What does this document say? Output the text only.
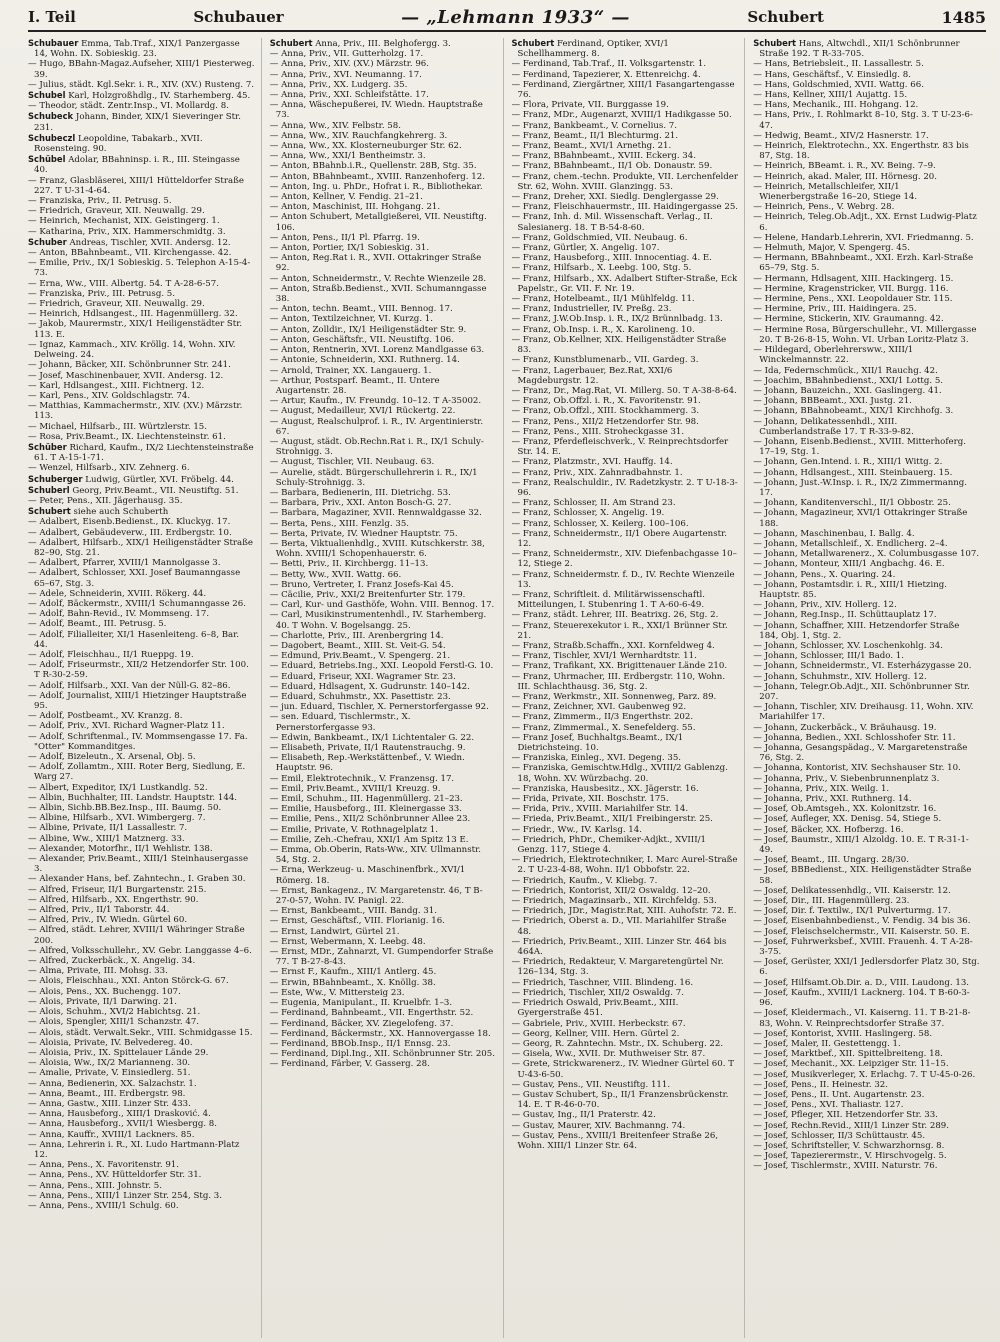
I. Teil	Schubauer	— „Lehmann 1933“ —	Schubert	1485

Schubauer Emma, Tab.Traf., XIX/1 Panzergasse 14, Wohn. IX. Sobieskig. 23.

— Hugo, BBahn-Magaz.Aufseher, XIII/1 Piesterweg. 39.

— Julius, städt. Kgl.Sekr. i. R., XIV. (XV.) Rusteng. 7.

Schubel Karl, Holzgroßhdlg., IV. Starhemberg. 45.

— Theodor, städt. Zentr.Insp., VI. Mollardg. 8.

Schubeck Johann, Binder, XIX/1 Sieveringer Str. 231.

Schubeczl Leopoldine, Tabakarb., XVII. Rosensteing. 90.

Schübel Adolar, BBahninsp. i. R., III. Steingasse 40.

— Franz, Glasbläserei, XIII/1 Hütteldorfer Straße 227. T U-31-4-64.

— Franziska, Priv., II. Petrusg. 5.

— Friedrich, Graveur, XII. Neuwallg. 29.

— Heinrich, Mechanist, XIX. Geistingerg. 1.

— Katharina, Priv., XIX. Hammerschmidtg. 3.

Schuber Andreas, Tischler, XVII. Andersg. 12.

— Anton, BBahnbeamt., VII. Kirchengasse. 42.

— Emilie, Priv., IX/1 Sobieskig. 5. Telephon A-15-4-73.

— Erna, Ww., VIII. Albertg. 54. T A-28-6-57.

— Franziska, Priv., III. Petrusg. 5.

— Friedrich, Graveur, XII. Neuwallg. 29.

— Heinrich, Hdlsangest., III. Hagenmüllerg. 32.

— Jakob, Maurermstr., XIX/1 Heiligenstädter Str. 113. E.

— Ignaz, Kammach., XIV. Kröllg. 14, Wohn. XIV. Delweing. 24.

— Johann, Bäcker, XII. Schönbrunner Str. 241.

— Josef, Maschinenbauer, XVII. Andersg. 12.

— Karl, Hdlsangest., XIII. Fichtnerg. 12.

— Karl, Pens., XIV. Goldschlagstr. 74.

— Matthias, Kammachermstr., XIV. (XV.) Märzstr. 113.

— Michael, Hilfsarb., III. Würtzlerstr. 15.

— Rosa, Priv.Beamt., IX. Liechtensteinstr. 61.

Schüber Richard, Kaufm., IX/2 Liechtensteinstraße 61. T A-15-1-71.

— Wenzel, Hilfsarb., XIV. Zehnerg. 6.

Schuberger Ludwig, Gürtler, XVI. Fröbelg. 44.

Schuberl Georg, Priv.Beamt., VII. Neustiftg. 51.

— Peter, Pens., XII. Jägerhausg. 35.

Schubert siehe auch Schuberth

— Adalbert, Eisenb.Bedienst., IX. Kluckyg. 17.

— Adalbert, Gebäudeverw., III. Erdbergstr. 10.

— Adalbert, Hilfsarb., XIX/1 Heiligenstädter Straße 82–90, Stg. 21.

— Adalbert, Pfarrer, XVIII/1 Mannolgasse 3.

— Adalbert, Schlosser, XXI. Josef Baumanngasse 65–67, Stg. 3.

— Adele, Schneiderin, XVIII. Rökerg. 44.

— Adolf, Bäckermstr., XVIII/1 Schumanngasse 26.

— Adolf, Bahn-Revid., IV. Mommseng. 17.

— Adolf, Beamt., III. Petrusg. 5.

— Adolf, Filialleiter, XI/1 Hasenleiteng. 6–8, Bar. 44.

— Adolf, Fleischhau., II/1 Rueppg. 19.

— Adolf, Friseurmstr., XII/2 Hetzendorfer Str. 100. T R-30-2-59.

— Adolf, Hilfsarb., XXI. Van der Nüll-G. 82–86.

— Adolf, Journalist, XIII/1 Hietzinger Hauptstraße 95.

— Adolf, Postbeamt., XV. Kranzg. 8.

— Adolf, Priv., XVI. Richard Wagner-Platz 11.

— Adolf, Schriftenmal., IV. Mommsengasse 17. Fa. "Otter" Kommanditges.

— Adolf, Bizeleutn., X. Arsenal, Obj. 5.

— Adolf, Zollamtm., XIII. Roter Berg, Siedlung, E. Warg 27.

— Albert, Expeditor, IX/1 Lustkandlg. 52.

— Albin, Buchhalter, III. Landstr. Hauptstr. 144.

— Albin, Sichb.BB.Bez.Insp., III. Baumg. 50.

— Albine, Hilfsarb., XVI. Wimbergerg. 7.

— Albine, Private, II/1 Lassallestr. 7.

— Albine, Ww., XIII/1 Matznerg. 33.

— Alexander, Motorfhr., II/1 Wehlistr. 138.

— Alexander, Priv.Beamt., XIII/1 Steinhausergasse 3.

— Alexander Hans, bef. Zahntechn., I. Graben 30.

— Alfred, Friseur, II/1 Burgartenstr. 215.

— Alfred, Hilfsarb., XX. Engerthstr. 90.

— Alfred, Priv., II/1 Taborstr. 44.

— Alfred, Priv., IV. Wiedn. Gürtel 60.

— Alfred, städt. Lehrer, XVIII/1 Währinger Straße 200.

— Alfred, Volksschullehr., XV. Gebr. Langgasse 4–6.

— Alfred, Zuckerbäck., X. Angelig. 34.

— Alma, Private, III. Mohsg. 33.

— Alois, Fleischhau., XXI. Anton Störck-G. 67.

— Alois, Pens., XX. Buchengg. 107.

— Alois, Private, II/1 Darwing. 21.

— Alois, Schuhm., XVI/2 Habichtsg. 21.

— Alois, Spengler, XIII/1 Schanzstr. 47.

— Alois, städt. Verwalt.Sekr., VIII. Schmidgasse 15.

— Aloisia, Private, IV. Belvedereg. 40.

— Aloisia, Priv., IX. Spittelauer Lände 29.

— Aloisia, Ww., IX/2 Marianneng. 30.

— Amalie, Private, V. Einsiedlerg. 51.

— Anna, Bedienerin, XX. Salzachstr. 1.

— Anna, Beamt., III. Erdbergstr. 98.

— Anna, Gastw., XIII. Linzer Str. 433.

— Anna, Hausbeforg., XIII/1 Drasković. 4.

— Anna, Hausbeforg., XVII/1 Wiesbergg. 8.

— Anna, Kauffr., XVIII/1 Lackners. 85.

— Anna, Lehrerin i. R., XI. Ludo Hartmann-Platz 12.

— Anna, Pens., X. Favoritenstr. 91.

— Anna, Pens., XV. Hütteldorfer Str. 31.

— Anna, Pens., XIII. Johnstr. 5.

— Anna, Pens., XIII/1 Linzer Str. 254, Stg. 3.

— Anna, Pens., XVIII/1 Schulg. 60.

Schubert Anna, Priv., III. Belghofergg. 3.

— Anna, Priv., VII. Gutterholzg. 17.

— Anna, Priv., XIV. (XV.) Märzstr. 96.

— Anna, Priv., XVI. Neumanng. 17.

— Anna, Priv., XX. Ludgerg. 35.

— Anna, Priv., XXI. Schleifstätte. 17.

— Anna, Wäschepußerei, IV. Wiedn. Hauptstraße 73.

— Anna, Ww., XIV. Felbstr. 58.

— Anna, Ww., XIV. Rauchfangkehrerg. 3.

— Anna, Ww., XX. Klosterneuburger Str. 62.

— Anna, Ww., XXI/1 Bentheimstr. 3.

— Anton, BBahnb.i.R., Quellenstr. 28B, Stg. 35.

— Anton, BBahnbeamt., XVIII. Ranzenhoferg. 12.

— Anton, Ing. u. PhDr., Hofrat i. R., Bibliothekar.

— Anton, Kellner, V. Fendig. 21–21.

— Anton, Maschinist, III. Hohgang. 21.

— Anton Schubert, Metallgießerei, VII. Neustiftg. 106.

— Anton, Pens., II/1 Pl. Pfarrg. 19.

— Anton, Portier, IX/1 Sobieskig. 31.

— Anton, Reg.Rat i. R., XVII. Ottakringer Straße 92.

— Anton, Schneidermstr., V. Rechte Wienzeile 28.

— Anton, Straßb.Bedienst., XVII. Schumanngasse 38.

— Anton, techn. Beamt., VIII. Bennog. 17.

— Anton, Textilzeichner, VI. Kurzg. 1.

— Anton, Zolldir., IX/1 Heiligenstädter Str. 9.

— Anton, Geschäftsfr., VII. Neustiftg. 106.

— Anton, Rentnerin, XVI. Lorenz Mandlgasse 63.

— Antonie, Schneiderin, XXI. Ruthnerg. 14.

— Arnold, Trainer, XX. Langauerg. 1.

— Arthur, Postsparf. Beamt., II. Untere Augartenstr. 28.

— Artur, Kaufm., IV. Freundg. 10–12. T A-35002.

— August, Medailleur, XVI/1 Rückertg. 22.

— August, Realschulprof. i. R., IV. Argentinierstr. 67.

— August, städt. Ob.Rechn.Rat i. R., IX/1 Schuly-Strohnigg. 3.

— August, Tischler, VII. Neubaug. 63.

— Aurelie, städt. Bürgerschullehrerin i. R., IX/1 Schuly-Strohnigg. 3.

— Barbara, Bedienerin, III. Dietrichg. 53.

— Barbara, Priv., XXI. Anton Bosch-G. 27.

— Barbara, Magaziner, XVII. Rennwaldgasse 32.

— Berta, Pens., XIII. Fenzlg. 35.

— Berta, Private, IV. Wiedner Hauptstr. 75.

— Berta, Viktualienhdlg., XVIII. Kutschkerstr. 38, Wohn. XVIII/1 Schopenhauerstr. 6.

— Betti, Priv., II. Kirchbergg. 11–13.

— Betty, Ww., XVII. Wattg. 66.

— Bruno, Vertreter, I. Franz Josefs-Kai 45.

— Cäcilie, Priv., XXI/2 Breitenfurter Str. 179.

— Carl, Kur- und Gasthöfe, Wohn. VIII. Bennog. 17.

— Carl, Musikinstrumentenhdl., IV. Starhemberg. 40. T Wohn. V. Bogelsangg. 25.

— Charlotte, Priv., III. Arenbergring 14.

— Dagobert, Beamt., XIII. St. Veit-G. 54.

— Edmund, Priv.Beamt., V. Spengerg. 21.

— Eduard, Betriebs.Ing., XXI. Leopold Ferstl-G. 10.

— Eduard, Friseur, XXI. Wagramer Str. 23.

— Eduard, Hdlsagent, X. Gudrunstr. 140–142.

— Eduard, Schuhmstr., XX. Pasettistr. 23.

— jun. Eduard, Tischler, X. Pernerstorfergasse 92.

— sen. Eduard, Tischlermstr., X. Pernerstorfergasse 93.

— Edwin, Bankbeamt., IX/1 Lichtentaler G. 22.

— Elisabeth, Private, II/1 Rautenstrauchg. 9.

— Elisabeth, Rep.-Werkstättenbef., V. Wiedn. Hauptstr. 96.

— Emil, Elektrotechnik., V. Franzensg. 17.

— Emil, Priv.Beamt., XVIII/1 Kreuzg. 9.

— Emil, Schuhm., III. Hagenmüllerg. 21–23.

— Emilie, Hausbeforg., III. Kleinergasse 33.

— Emilie, Pens., XII/2 Schönbrunner Allee 23.

— Emilie, Private, V. Rothnagelplatz 1.

— Emilie, Zeh.-Chefrau, XXI/1 Am Spitz 13 E.

— Emma, Ob.Oberin, Rats-Ww., XIV. Ullmannstr. 54, Stg. 2.

— Erna, Werkzeug- u. Maschinenfbrk., XVI/1 Römerg. 18.

— Ernst, Bankagenz., IV. Margaretenstr. 46, T B-27-0-57, Wohn. IV. Panigl. 22.

— Ernst, Bankbeamt., VIII. Bandg. 31.

— Ernst, Geschäftsf., VIII. Florianig. 16.

— Ernst, Landwirt, Gürtel 21.

— Ernst, Webermann, X. Leebg. 48.

— Ernst, MDr., Zahnarzt, VI. Gumpendorfer Straße 77. T B-27-8-43.

— Ernst F., Kaufm., XIII/1 Antlerg. 45.

— Erwin, BBahnbeamt., X. Knöllg. 38.

— Este, Ww., V. Mittersteig 23.

— Eugenia, Manipulant., II. Kruelbfr. 1–3.

— Ferdinand, Bahnbeamt., VII. Engerthstr. 52.

— Ferdinand, Bäcker, XV. Ziegelofeng. 37.

— Ferdinand, Bäckermstr., XX. Hannovergasse 18.

— Ferdinand, BBOb.Insp., II/1 Ennsg. 23.

— Ferdinand, Dipl.Ing., XII. Schönbrunner Str. 205.

— Ferdinand, Färber, V. Gasserg. 28.

Schubert Ferdinand, Optiker, XVI/1 Schellhammerg. 8.

— Ferdinand, Tab.Traf., II. Volksgartenstr. 1.

— Ferdinand, Tapezierer, X. Ettenreichg. 4.

— Ferdinand, Ziergärtner, XIII/1 Fasangartengasse 76.

— Flora, Private, VII. Burggasse 19.

— Franz, MDr., Augenarzt, XVIII/1 Hadikgasse 50.

— Franz, Bankbeamt., V. Cornelius. 7.

— Franz, Beamt., II/1 Blechturmg. 21.

— Franz, Beamt., XVI/1 Arnethg. 21.

— Franz, BBahnbeamt., XVIII. Eckerg. 34.

— Franz, BBahnbeamt., II/1 Ob. Donaustr. 59.

— Franz, chem.-techn. Produkte, VII. Lerchenfelder Str. 62, Wohn. XVIII. Glanzingg. 53.

— Franz, Dreher, XXI. Siedlg. Denglergasse 29.

— Franz, Fleischhauermstr., III. Haidingergasse 25.

— Franz, Inh. d. Mil. Wissenschaft. Verlag., II. Salesianerg. 18. T B-54-8-60.

— Franz, Goldschmied, VII. Neubaug. 6.

— Franz, Gürtler, X. Angelig. 107.

— Franz, Hausbeforg., XIII. Innocentiag. 4. E.

— Franz, Hilfsarb., X. Leebg. 100, Stg. 5.

— Franz, Hilfsarb., XX. Adalbert Stifter-Straße, Eck Papelstr., Gr. VII. F. Nr. 19.

— Franz, Hotelbeamt., II/1 Mühlfeldg. 11.

— Franz, Industrieller, IV. Preßg. 23.

— Franz, J.W.Ob.Insp. i. R., IX/2 Brünnlbadg. 13.

— Franz, Ob.Insp. i. R., X. Karolineng. 10.

— Franz, Ob.Kellner, XIX. Heiligenstädter Straße 83.

— Franz, Kunstblumenarb., VII. Gardeg. 3.

— Franz, Lagerbauer, Bez.Rat, XXI/6 Magdeburgstr. 12.

— Franz, Dr., Mag.Rat, VI. Millerg. 50. T A-38-8-64.

— Franz, Ob.Offzl. i. R., X. Favoritenstr. 91.

— Franz, Ob.Offzl., XIII. Stockhammerg. 3.

— Franz, Pens., XII/2 Hetzendorfer Str. 98.

— Franz, Pens., XIII. Stroheckgasse 31.

— Franz, Pferdefleischverk., V. Reinprechtsdorfer Str. 14. E.

— Franz, Platzmstr., XVI. Hauffg. 14.

— Franz, Priv., XIX. Zahnradbahnstr. 1.

— Franz, Realschuldir., IV. Radetzkystr. 2. T U-18-3-96.

— Franz, Schlosser, II. Am Strand 23.

— Franz, Schlosser, X. Angelig. 19.

— Franz, Schlosser, X. Keilerg. 100–106.

— Franz, Schneidermstr., II/1 Obere Augartenstr. 12.

— Franz, Schneidermstr., XIV. Diefenbachgasse 10–12, Stiege 2.

— Franz, Schneidermstr. f. D., IV. Rechte Wienzeile 13.

— Franz, Schriftleit. d. Militärwissenschaftl. Mitteilungen, I. Stubenring 1. T A-60-6-49.

— Franz, städt. Lehrer, III. Beatrixg. 26, Stg. 2.

— Franz, Steuerexekutor i. R., XXI/1 Brünner Str. 21.

— Franz, Straßb.Schaffn., XXI. Kornfeldweg 4.

— Franz, Tischler, XVI/1 Wernhardtstr. 11.

— Franz, Trafikant, XX. Brigittenauer Lände 210.

— Franz, Uhrmacher, III. Erdbergstr. 110, Wohn. III. Schlachthausg. 36, Stg. 2.

— Franz, Werkmstr., XII. Sonnenweg, Parz. 89.

— Franz, Zeichner, XVI. Gaubenweg 92.

— Franz, Zimmerm., II/3 Engerthstr. 202.

— Franz, Zimmermal., X. Senefelderg. 55.

— Franz Josef, Buchhaltgs.Beamt., IX/1 Dietrichsteing. 10.

— Franziska, Einleg., XVI. Degeng. 35.

— Franziska, Gemischtw.Hdlg., XVIII/2 Gablenzg. 18, Wohn. XV. Würzbachg. 20.

— Franziska, Hausbesitz., XX. Jägerstr. 16.

— Frida, Private, XII. Boschstr. 175.

— Frida, Priv., XVIII. Mariahilfer Str. 14.

— Frieda, Priv.Beamt., XII/1 Freibingerstr. 25.

— Friedr., Ww., IV. Karlsg. 14.

— Friedrich, PhDr., Chemiker-Adjkt., XVIII/1 Genzg. 117, Stiege 4.

— Friedrich, Elektrotechniker, I. Marc Aurel-Straße 2. T U-23-4-88, Wohn. II/1 Obbofstr. 22.

— Friedrich, Kaufm., V. Kliebg. 7.

— Friedrich, Kontorist, XII/2 Oswaldg. 12–20.

— Friedrich, Magazinsarb., XII. Kirchfeldg. 53.

— Friedrich, JDr., Magistr.Rat, XIII. Auhofstr. 72. E.

— Friedrich, Oberst a. D., VII. Mariahilfer Straße 48.

— Friedrich, Priv.Beamt., XIII. Linzer Str. 464 bis 464A.

— Friedrich, Redakteur, V. Margaretengürtel Nr. 126–134, Stg. 3.

— Friedrich, Taschner, VIII. Blindeng. 16.

— Friedrich, Tischler, XII/2 Oswaldg. 7.

— Friedrich Oswald, Priv.Beamt., XIII. Gyergerstraße 451.

— Gabriele, Priv., XVIII. Herbeckstr. 67.

— Georg, Kellner, VIII. Hern. Gürtel 2.

— Georg, R. Zahntechn. Mstr., IX. Schuberg. 22.

— Gisela, Ww., XVII. Dr. Muthweiser Str. 87.

— Grete, Strickwarenerz., IV. Wiedner Gürtel 60. T U-43-6-50.

— Gustav, Pens., VII. Neustiftg. 111.

— Gustav Schubert, Sp., II/1 Franzensbrückenstr. 14. E. T R-46-0-70.

— Gustav, Ing., II/1 Praterstr. 42.

— Gustav, Maurer, XIV. Bachmanng. 74.

— Gustav, Pens., XVIII/1 Breitenfeer Straße 26, Wohn. XIII/1 Linzer Str. 64.

Schubert Hans, Altwchdl., XII/1 Schönbrunner Straße 192. T R-33-705.

— Hans, Betriebsleit., II. Lassallestr. 5.

— Hans, Geschäftsf., V. Einsiedlg. 8.

— Hans, Goldschmied, XVII. Wattg. 66.

— Hans, Kellner, XIII/1 Aujattg. 15.

— Hans, Mechanik., III. Hohgang. 12.

— Hans, Priv., I. Rohlmarkt 8–10, Stg. 3. T U-23-6-47.

— Hedwig, Beamt., XIV/2 Hasnerstr. 17.

— Heinrich, Elektrotechn., XX. Engerthstr. 83 bis 87, Stg. 18.

— Heinrich, BBeamt. i. R., XV. Being. 7–9.

— Heinrich, akad. Maler, III. Hörnesg. 20.

— Heinrich, Metallschleifer, XII/1 Wienerbergstraße 16–20, Stiege 14.

— Heinrich, Pens., V. Webrg. 28.

— Heinrich, Teleg.Ob.Adjt., XX. Ernst Ludwig-Platz 6.

— Helene, Handarb.Lehrerin, XVI. Friedmanng. 5.

— Helmuth, Major, V. Spengerg. 45.

— Hermann, BBahnbeamt., XXI. Erzh. Karl-Straße 65–79, Stg. 5.

— Hermann, Hdlsagent, XIII. Hackingerg. 15.

— Hermine, Kragenstricker, VII. Burgg. 116.

— Hermine, Pens., XXI. Leopoldauer Str. 115.

— Hermine, Priv., III. Haidingera. 25.

— Hermine, Stickerin, XIV. Graumanng. 42.

— Hermine Rosa, Bürgerschullehr., VI. Millergasse 20. T B-26-8-15, Wohn. VI. Urban Loritz-Platz 3.

— Hildegard, Oberlehrersww., XIII/1 Winckelmannstr. 22.

— Ida, Federnschmück., XII/1 Rauchg. 42.

— Joachim, BBahnbedienst., XXI/1 Lottg. 5.

— Johann, Bauzeichn., XXI. Gaslingerg. 41.

— Johann, BBBeamt., XXI. Justg. 21.

— Johann, BBahnobeamt., XIX/1 Kirchhofg. 3.

— Johann, Delikatessenhdl., XIII. Cumberlandstraße 17. T R-33-9-82.

— Johann, Eisenb.Bedienst., XVIII. Mitterhoferg. 17–19, Stg. 1.

— Johann, Gen.Intend. i. R., XIII/1 Wittg. 2.

— Johann, Hdlsangest., XIII. Steinbauerg. 15.

— Johann, Just.-W.Insp. i. R., IX/2 Zimmermanng. 17.

— Johann, Kanditenverschl., II/1 Obbostr. 25.

— Johann, Magazineur, XVI/1 Ottakringer Straße 188.

— Johann, Maschinenbau, I. Ballg. 4.

— Johann, Metallschleif., X. Endlicherg. 2–4.

— Johann, Metallwarenerz., X. Columbusgasse 107.

— Johann, Monteur, XIII/1 Angbachg. 46. E.

— Johann, Pens., X. Quaring. 24.

— Johann, Postamtsdir. i. R., XIII/1 Hietzing. Hauptstr. 85.

— Johann, Priv., XIV. Hollerg. 12.

— Johann, Reg.Insp., II. Schüttauplatz 17.

— Johann, Schaffner, XIII. Hetzendorfer Straße 184, Obj. 1, Stg. 2.

— Johann, Schlosser, XV. Loschenkohlg. 34.

— Johann, Schlosser, III/1 Bado. 1.

— Johann, Schneidermstr., VI. Esterházygasse 20.

— Johann, Schuhmstr., XIV. Hollerg. 12.

— Johann, Telegr.Ob.Adjt., XII. Schönbrunner Str. 207.

— Johann, Tischler, XIV. Dreihausg. 11, Wohn. XIV. Mariahilfer 17.

— Johann, Zuckerbäck., V. Bräuhausg. 19.

— Johanna, Bedien., XXI. Schlosshofer Str. 11.

— Johanna, Gesangspädag., V. Margaretenstraße 76, Stg. 2.

— Johanna, Kontorist, XIV. Sechshauser Str. 10.

— Johanna, Priv., V. Siebenbrunnenplatz 3.

— Johanna, Priv., XIX. Weilg. 1.

— Johanna, Priv., XXI. Ruthnerg. 14.

— Josef, Ob.Amtsgeh., XX. Kolonitzstr. 16.

— Josef, Aufleger, XX. Denisg. 54, Stiege 5.

— Josef, Bäcker, XX. Hofberzg. 16.

— Josef, Baumstr., XIII/1 Alzoldg. 10. E. T R-31-1-49.

— Josef, Beamt., III. Ungarg. 28/30.

— Josef, BBBedienst., XIX. Heiligenstädter Straße 58.

— Josef, Delikatessenhdlg., VII. Kaiserstr. 12.

— Josef, Dir., III. Hagenmüllerg. 23.

— Josef, Dir. f. Textilw., IX/1 Pulverturmg. 17.

— Josef, Eisenbahnbedienst., V. Fendig. 34 bis 36.

— Josef, Fleischselchermstr., VII. Kaiserstr. 50. E.

— Josef, Fuhrwerksbef., XVIII. Frauenh. 4. T A-28-3-75.

— Josef, Gerüster, XXI/1 Jedlersdorfer Platz 30, Stg. 6.

— Josef, Hilfsamt.Ob.Dir. a. D., VIII. Laudong. 13.

— Josef, Kaufm., XVIII/1 Lacknerg. 104. T B-60-3-96.

— Josef, Kleidermach., VI. Kaiserng. 11. T B-21-8-83, Wohn. V. Reinprechtsdorfer Straße 37.

— Josef, Kontorist, XVIII. Haslingerg. 58.

— Josef, Maler, II. Gestettengg. 1.

— Josef, Marktbef., XII. Spittelbreiteng. 18.

— Josef, Mechanit., XX. Leipziger Str. 11–15.

— Josef, Musikverleger, X. Erlachg. 7. T U-45-0-26.

— Josef, Pens., II. Heinestr. 32.

— Josef, Pens., II. Unt. Augartenstr. 23.

— Josef, Pens., XVI. Thaliastr. 127.

— Josef, Pfleger, XII. Hetzendorfer Str. 33.

— Josef, Rechn.Revid., XIII/1 Linzer Str. 289.

— Josef, Schlosser, II/3 Schüttaustr. 45.

— Josef, Schriftsteller, V. Schwarzhornsg. 8.

— Josef, Tapezierermstr., V. Hirschvogelg. 5.

— Josef, Tischlermstr., XVIII. Naturstr. 76.
